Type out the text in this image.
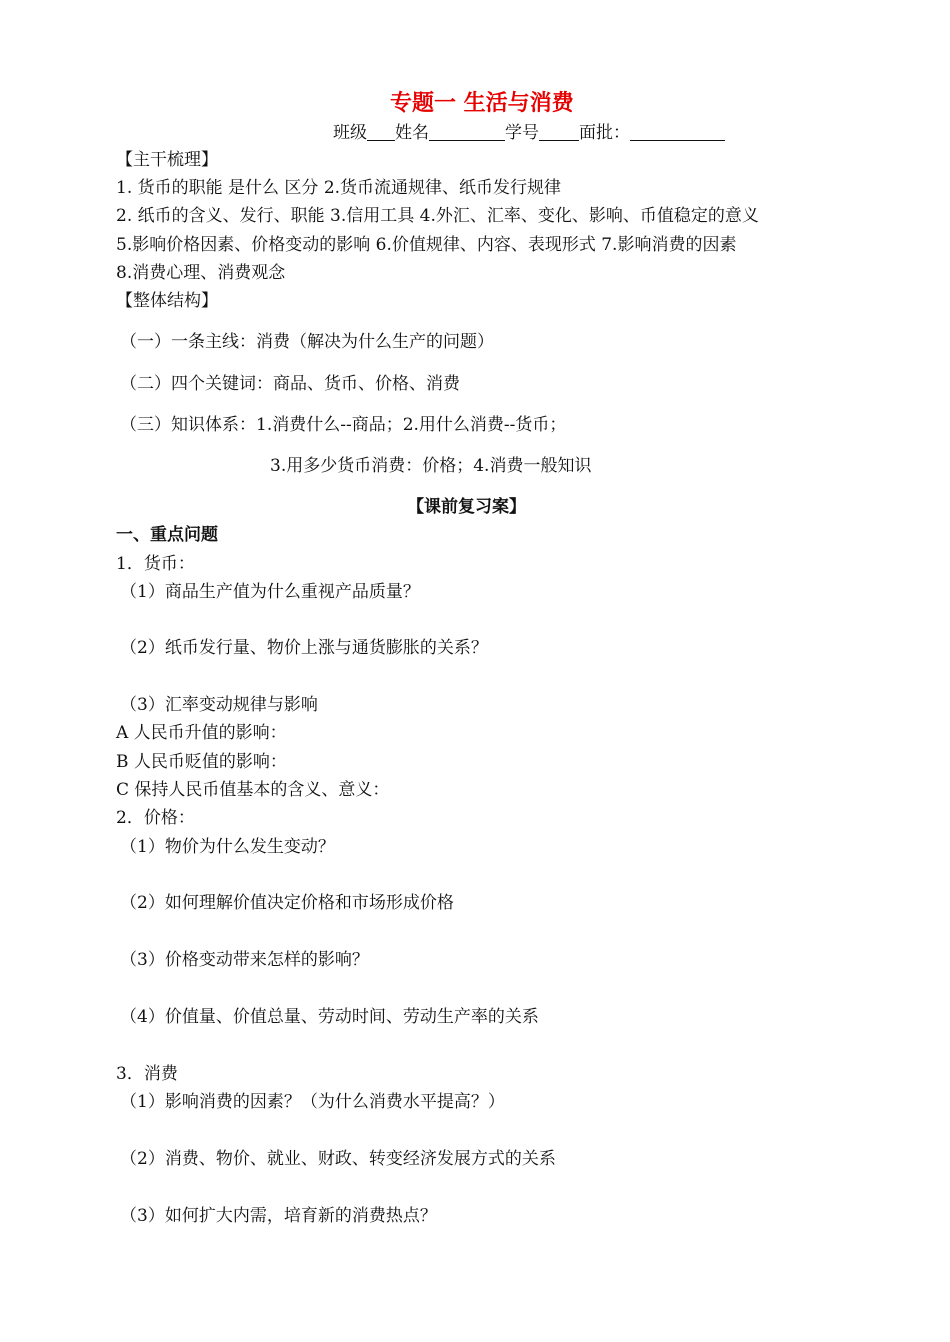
专题一 生活与消费
班级 姓名	学号 面批：
【主干梳理】
1. 货币的职能 是什么 区分 2.货币流通规律、纸币发行规律
2. 纸币的含义、发行、职能 3.信用工具 4.外汇、汇率、变化、影响、币值稳定的意义
5.影响价格因素、价格变动的影响 6.价值规律、内容、表现形式 7.影响消费的因素
8.消费心理、消费观念
【整体结构】
（一）一条主线：消费（解决为什么生产的问题）
（二）四个关键词：商品、货币、价格、消费
（三）知识体系：1.消费什么--商品；2.用什么消费--货币；
3.用多少货币消费：价格；4.消费一般知识
【课前复习案】
一、重点问题
1．货币：
（1）商品生产值为什么重视产品质量？
（2）纸币发行量、物价上涨与通货膨胀的关系？
（3）汇率变动规律与影响
A 人民币升值的影响：
B 人民币贬值的影响：
C 保持人民币值基本的含义、意义：
2．价格：
（1）物价为什么发生变动？
（2）如何理解价值决定价格和市场形成价格
（3）价格变动带来怎样的影响？
（4）价值量、价值总量、劳动时间、劳动生产率的关系
3．消费
（1）影响消费的因素？（为什么消费水平提高？）
（2）消费、物价、就业、财政、转变经济发展方式的关系
（3）如何扩大内需，培育新的消费热点？
